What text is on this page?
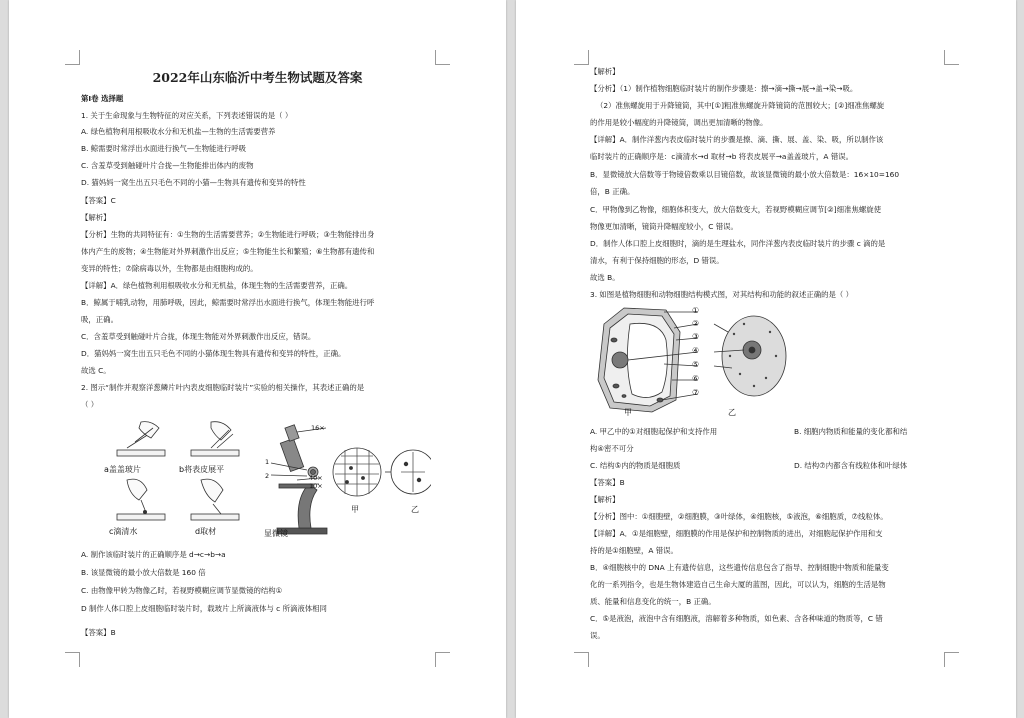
2022年山东临沂中考生物试题及答案
第Ⅰ卷 选择题
1. 关于生命现象与生物特征的对应关系，下列表述错误的是（ ）
A. 绿色植物利用根吸收水分和无机盐—生物的生活需要营养
B. 鲸需要时常浮出水面进行换气—生物能进行呼吸
C. 含羞草受到触碰叶片合拢—生物能排出体内的废物
D. 猫妈妈一窝生出五只毛色不同的小猫—生物具有遗传和变异的特性
【答案】C
【解析】
【分析】生物的共同特征有：①生物的生活需要营养；②生物能进行呼吸；③生物能排出身
体内产生的废物；④生物能对外界刺激作出反应；⑤生物能生长和繁殖；⑥生物都有遗传和
变异的特性；⑦除病毒以外，生物都是由细胞构成的。
【详解】A．绿色植物利用根吸收水分和无机盐，体现生物的生活需要营养，正确。
B．鲸属于哺乳动物，用肺呼吸，因此，鲸需要时常浮出水面进行换气，体现生物能进行呼
吸，正确。
C．含羞草受到触碰叶片合拢，体现生物能对外界刺激作出反应，错误。
D．猫妈妈一窝生出五只毛色不同的小猫体现生物具有遗传和变异的特性，正确。
故选 C。
2. 图示“制作并观察洋葱鳞片叶内表皮细胞临时装片”实验的相关操作，其表述正确的是
（ ）
a盖盖玻片	b将表皮展平
c滴清水	d取材	显微镜
16×
40×
10×
1
2
甲	乙
A. 制作该临时装片的正确顺序是 d→c→b→a
B. 该显微镜的最小放大倍数是 160 倍
C. 由物像甲转为物像乙时，若视野模糊应调节显微镜的结构①
D 制作人体口腔上皮细胞临时装片时，载玻片上所滴液体与 c 所滴液体相同
【答案】B
【解析】
【分析】（1）制作植物细胞临时装片的制作步骤是：擦→滴→撕→展→盖→染→吸。
（2）准焦螺旋用于升降镜筒，其中[①]粗准焦螺旋升降镜筒的范围较大；[②]细准焦螺旋
的作用是较小幅度的升降镜筒，调出更加清晰的物像。
【详解】A．制作洋葱内表皮临时装片的步骤是擦、滴、撕、展、盖、染、吸，所以制作该
临时装片的正确顺序是：c滴清水→d 取材→b 将表皮展平→a盖盖玻片，A 错误。
B．显微镜放大倍数等于物镜倍数乘以目镜倍数，故该显微镜的最小放大倍数是：16×10=160
倍，B 正确。
C．甲物像到乙物像，细胞体积变大，放大倍数变大，若视野模糊应调节[②]细准焦螺旋使
物像更加清晰，镜筒升降幅度较小，C 错误。
D．制作人体口腔上皮细胞时，滴的是生理盐水，同作洋葱内表皮临时装片的步骤 c 滴的是
清水，有利于保持细胞的形态，D 错误。
故选 B。
3. 如图是植物细胞和动物细胞结构模式图，对其结构和功能的叙述正确的是（ ）
①
②
③
④
⑤
⑥
⑦
甲	乙
A. 甲乙中的①对细胞起保护和支持作用	B. 细胞内物质和能量的变化都和结
构④密不可分
C. 结构⑤内的物质是细胞质	D. 结构⑦内都含有线粒体和叶绿体
【答案】B
【解析】
【分析】图中：①细胞壁，②细胞膜，③叶绿体，④细胞核，⑤液泡，⑥细胞质，⑦线粒体。
【详解】A．①是细胞壁，细胞膜的作用是保护和控制物质的进出，对细胞起保护作用和支
持的是①细胞壁，A 错误。
B．④细胞核中的 DNA 上有遗传信息，这些遗传信息包含了指导、控制细胞中物质和能量变
化的一系列指令，也是生物体建造自己生命大厦的蓝图，因此，可以认为，细胞的生活是物
质、能量和信息变化的统一，B 正确。
C．⑤是液泡，液泡中含有细胞液，溶解着多种物质，如色素、含各种味道的物质等，C 错
误。
